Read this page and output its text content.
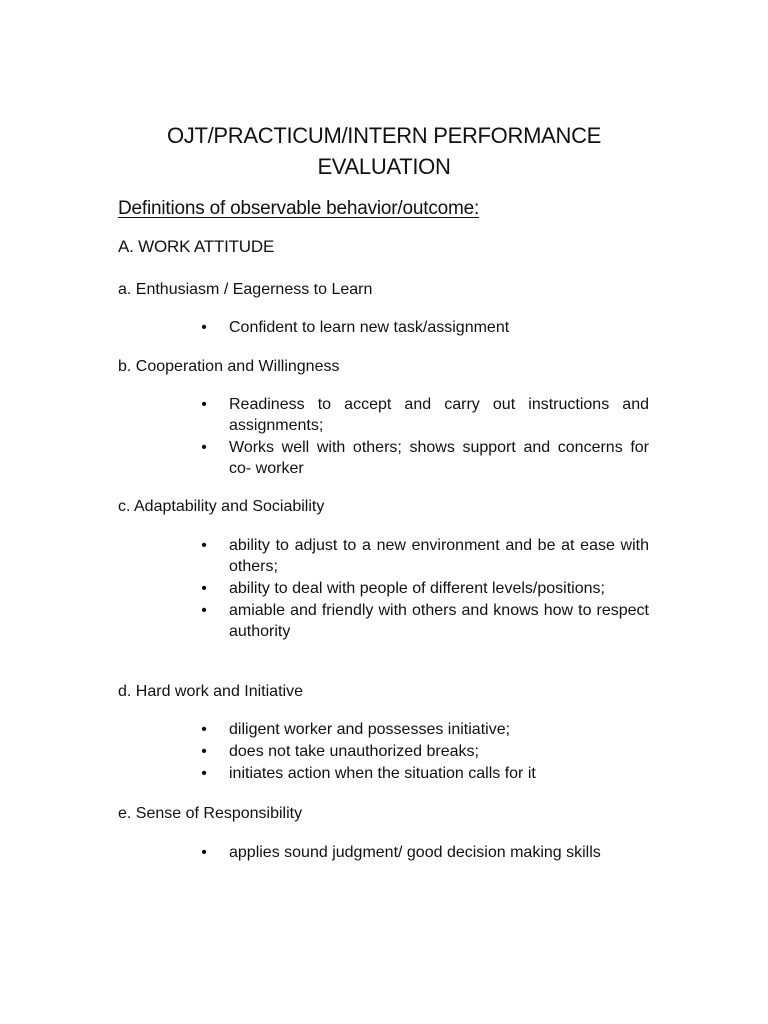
OJT/PRACTICUM/INTERN PERFORMANCE
EVALUATION
Definitions of observable behavior/outcome:
A. WORK ATTITUDE
a. Enthusiasm / Eagerness to Learn
• Confident to learn new task/assignment
b. Cooperation and Willingness
• Readiness to accept and carry out instructions and assignments;
• Works well with others; shows support and concerns for co- worker
c. Adaptability and Sociability
• ability to adjust to a new environment and be at ease with others;
• ability to deal with people of different levels/positions;
• amiable and friendly with others and knows how to respect authority
d. Hard work and Initiative
• diligent worker and possesses initiative;
• does not take unauthorized breaks;
• initiates action when the situation calls for it
e. Sense of Responsibility
• applies sound judgment/ good decision making skills
